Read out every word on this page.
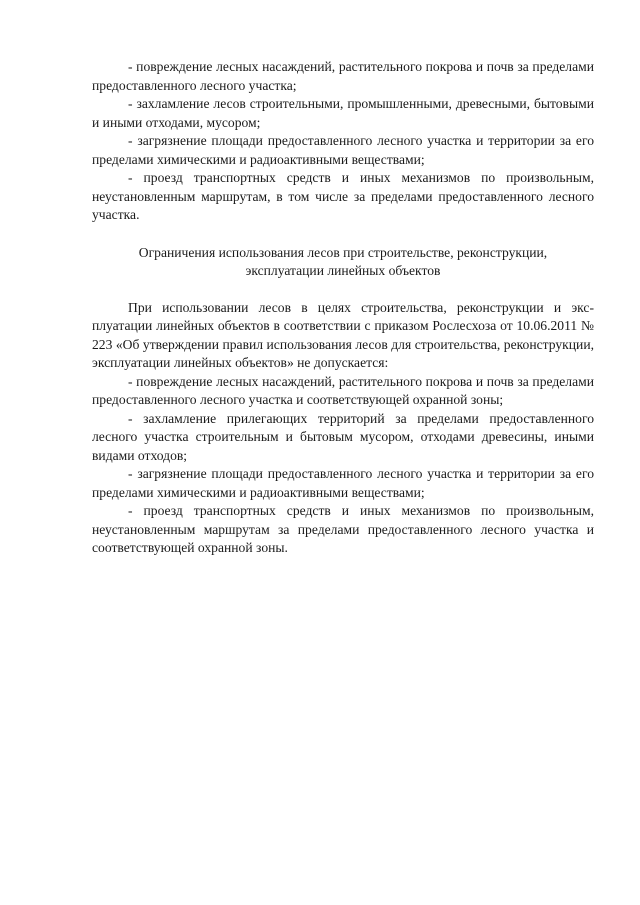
- повреждение лесных насаждений, растительного покрова и почв за пределами предоставленного лесного участка;

- захламление лесов строительными, промышленными, древесными, бытовыми и иными отходами, мусором;

- загрязнение площади предоставленного лесного участка и территории за его пределами химическими и радиоактивными веществами;

- проезд транспортных средств и иных механизмов по произвольным, неустановленным маршрутам, в том числе за пределами предоставленного лесного участка.

Ограничения использования лесов при строительстве, реконструкции,
эксплуатации линейных объектов

При использовании лесов в целях строительства, реконструкции и эксплуатации линейных объектов в соответствии с приказом Рослесхоза от 10.06.2011 № 223 «Об утверждении правил использования лесов для строительства, реконструкции, эксплуатации линейных объектов» не допускается:

- повреждение лесных насаждений, растительного покрова и почв за пределами предоставленного лесного участка и соответствующей охранной зоны;

- захламление прилегающих территорий за пределами предоставленного лесного участка строительным и бытовым мусором, отходами древесины, иными видами отходов;

- загрязнение площади предоставленного лесного участка и территории за его пределами химическими и радиоактивными веществами;

- проезд транспортных средств и иных механизмов по произвольным, неустановленным маршрутам за пределами предоставленного лесного участка и соответствующей охранной зоны.
